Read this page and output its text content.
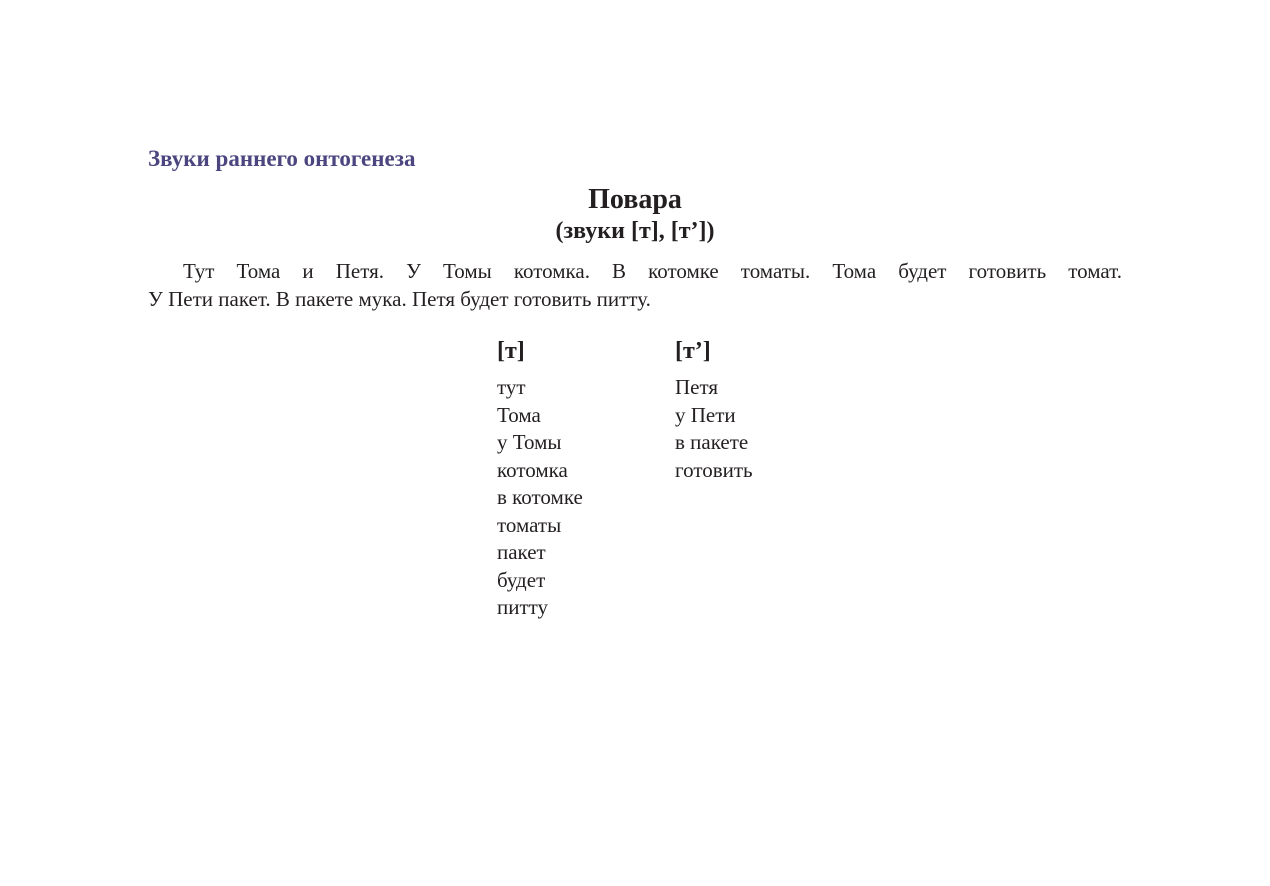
Звуки раннего онтогенеза
Повара
(звуки [т], [т’])
Тут Тома и Петя. У Томы котомка. В котомке томаты. Тома будет готовить томат.
У Пети пакет. В пакете мука. Петя будет готовить питту.
[т]
тут
Тома
у Томы
котомка
в котомке
томаты
пакет
будет
питту
[т’]
Петя
у Пети
в пакете
готовить
